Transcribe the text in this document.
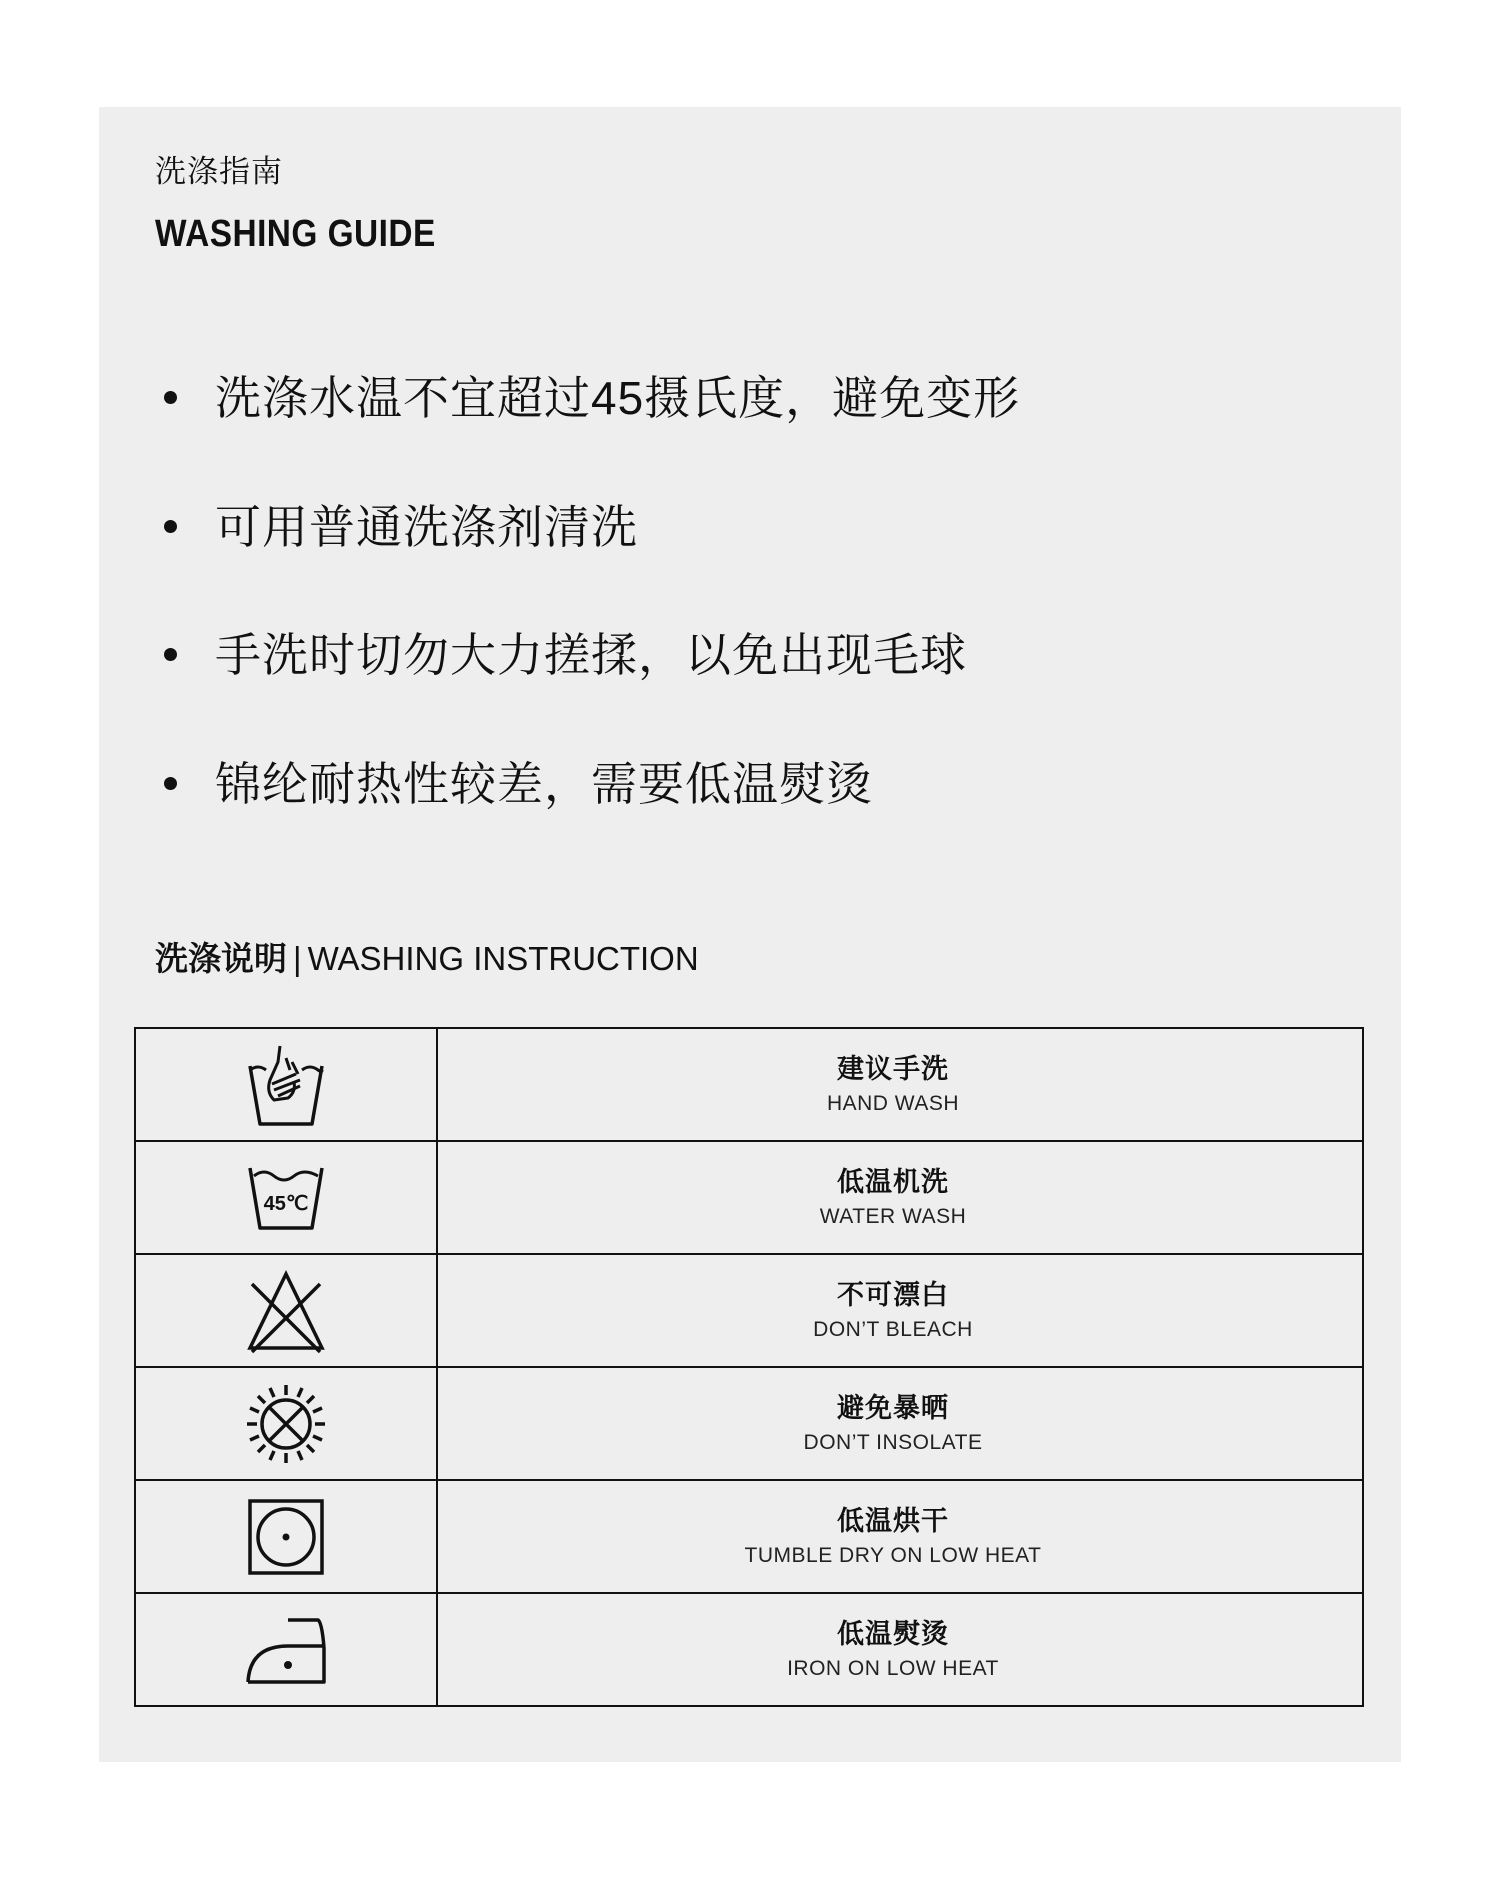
洗涤指南
WASHING GUIDE
洗涤水温不宜超过45摄氏度，避免变形
可用普通洗涤剂清洗
手洗时切勿大力搓揉，以免出现毛球
锦纶耐热性较差，需要低温熨烫
洗涤说明 | WASHING INSTRUCTION

建议手洗
HAND WASH

45℃	低温机洗
WATER WASH

不可漂白
DON’T BLEACH

避免暴晒
DON’T INSOLATE

低温烘干
TUMBLE DRY ON LOW HEAT

低温熨烫
IRON ON LOW HEAT
